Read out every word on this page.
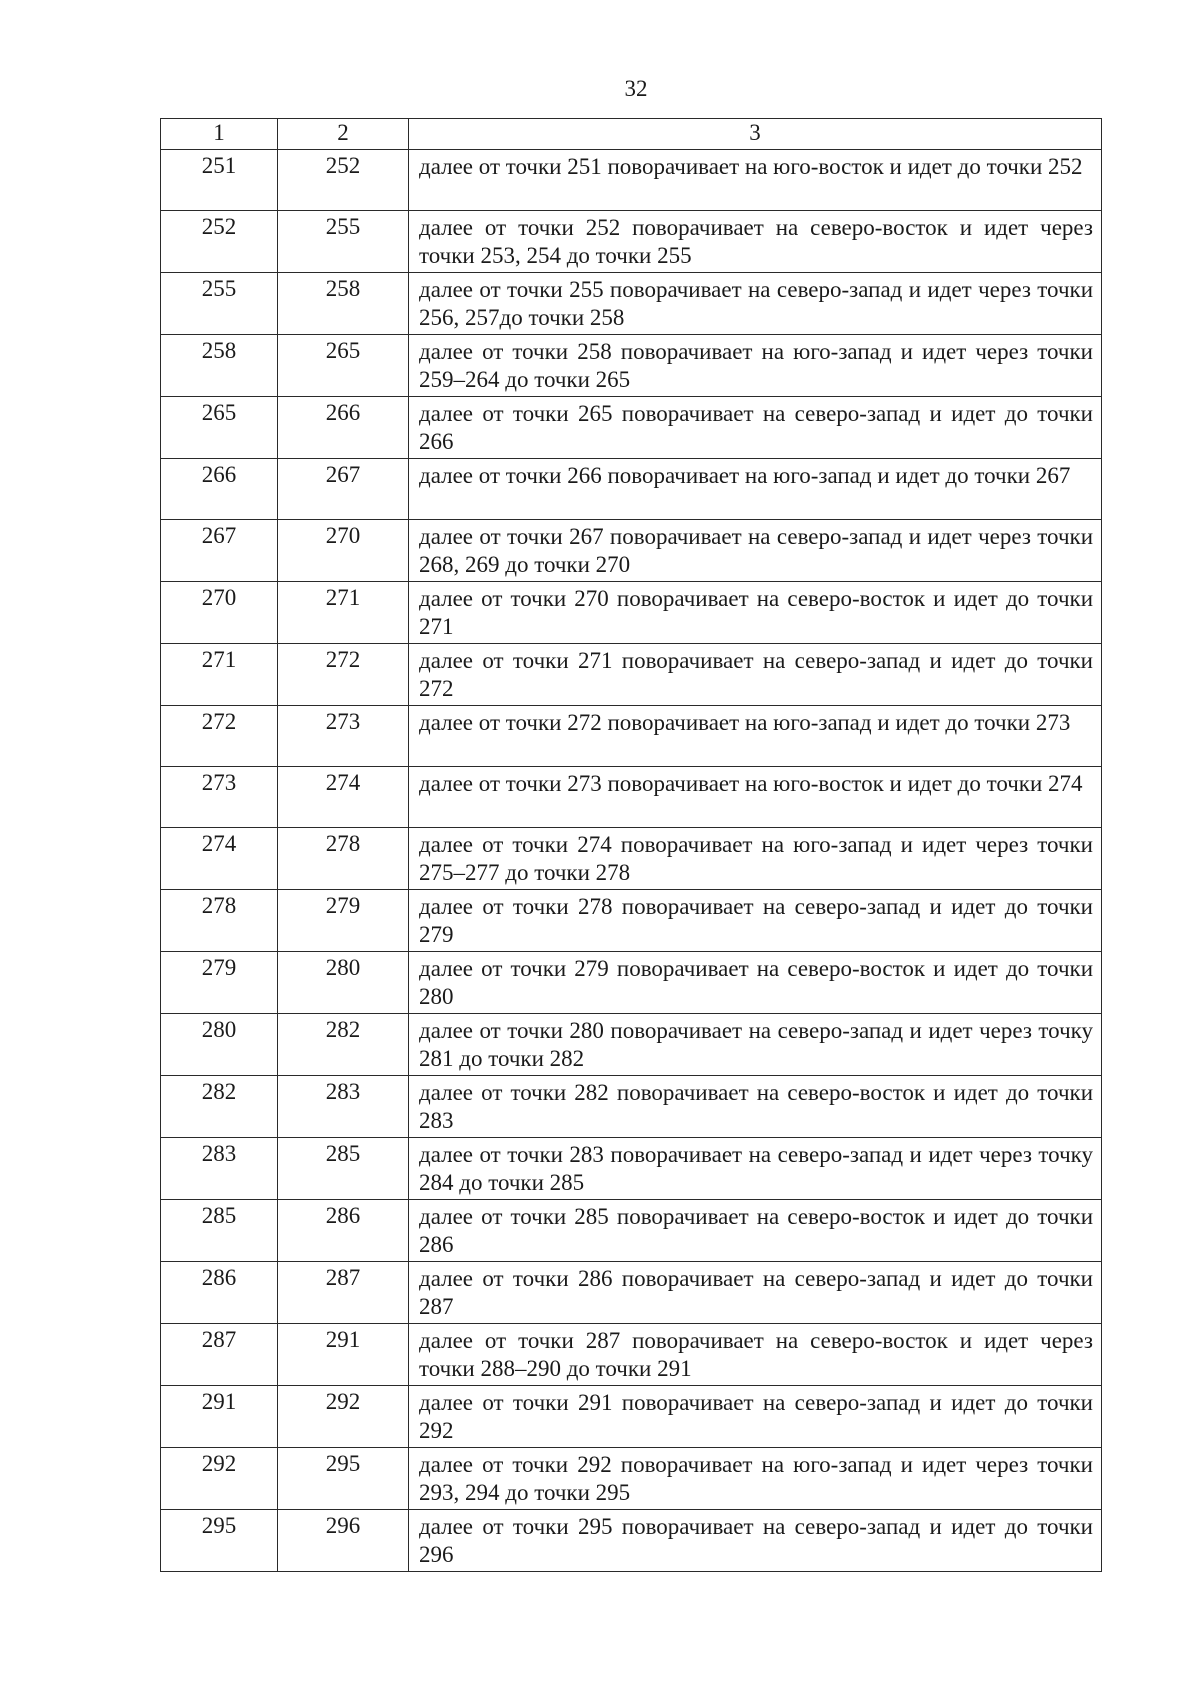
32
1	2	3
251	252	далее от точки 251 поворачивает на юго-восток и идет до точки 252
252	255	далее от точки 252 поворачивает на северо-восток и идет через точки 253, 254 до точки 255
255	258	далее от точки 255 поворачивает на северо-запад и идет через точки 256, 257до точки 258
258	265	далее от точки 258 поворачивает на юго-запад и идет через точки 259–264 до точки 265
265	266	далее от точки 265 поворачивает на северо-запад и идет до точки 266
266	267	далее от точки 266 поворачивает на юго-запад и идет до точки 267
267	270	далее от точки 267 поворачивает на северо-запад и идет через точки 268, 269 до точки 270
270	271	далее от точки 270 поворачивает на северо-восток и идет до точки 271
271	272	далее от точки 271 поворачивает на северо-запад и идет до точки 272
272	273	далее от точки 272 поворачивает на юго-запад и идет до точки 273
273	274	далее от точки 273 поворачивает на юго-восток и идет до точки 274
274	278	далее от точки 274 поворачивает на юго-запад и идет через точки 275–277 до точки 278
278	279	далее от точки 278 поворачивает на северо-запад и идет до точки 279
279	280	далее от точки 279 поворачивает на северо-восток и идет до точки 280
280	282	далее от точки 280 поворачивает на северо-запад и идет через точку 281 до точки 282
282	283	далее от точки 282 поворачивает на северо-восток и идет до точки 283
283	285	далее от точки 283 поворачивает на северо-запад и идет через точку 284 до точки 285
285	286	далее от точки 285 поворачивает на северо-восток и идет до точки 286
286	287	далее от точки 286 поворачивает на северо-запад и идет до точки 287
287	291	далее от точки 287 поворачивает на северо-восток и идет через точки 288–290 до точки 291
291	292	далее от точки 291 поворачивает на северо-запад и идет до точки 292
292	295	далее от точки 292 поворачивает на юго-запад и идет через точки 293, 294 до точки 295
295	296	далее от точки 295 поворачивает на северо-запад и идет до точки 296
